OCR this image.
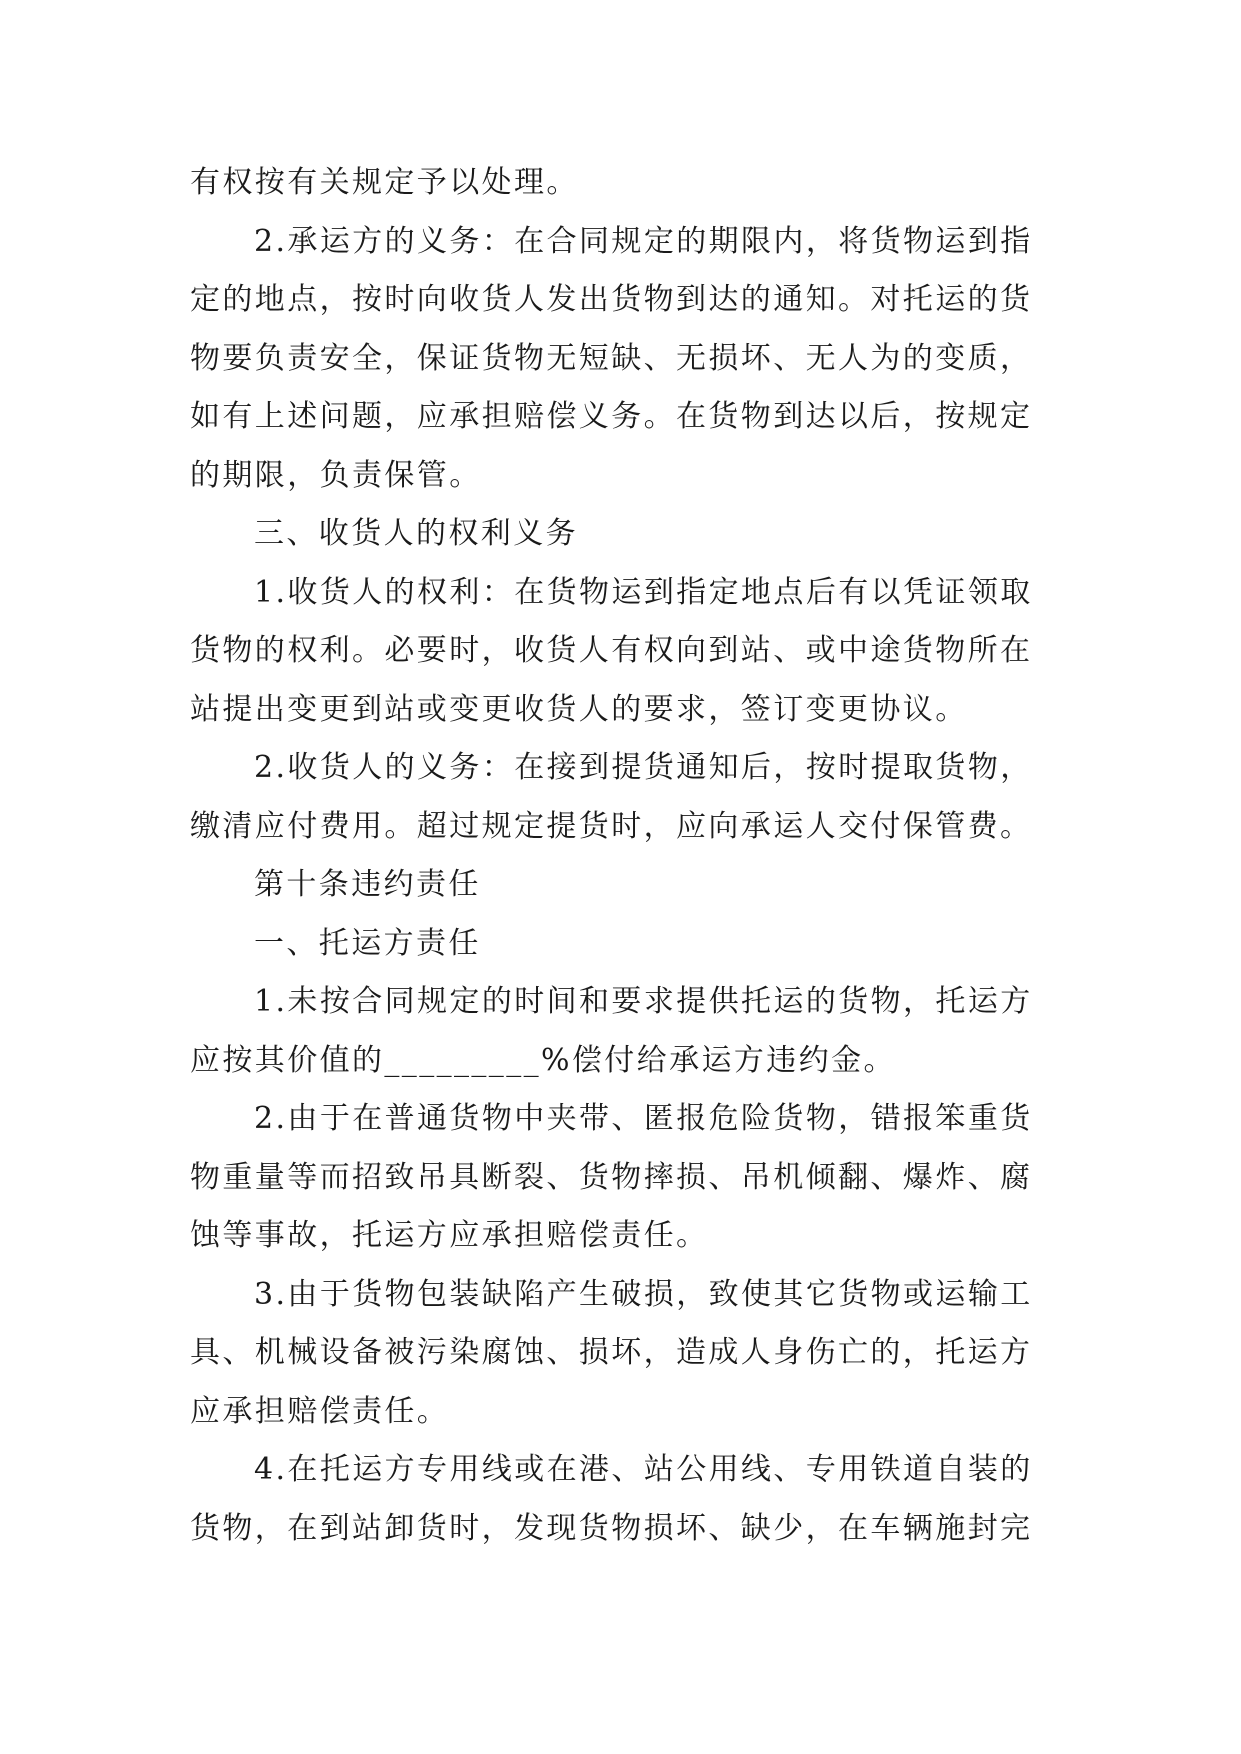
有权按有关规定予以处理。
2.承运方的义务：在合同规定的期限内，将货物运到指
定的地点，按时向收货人发出货物到达的通知。对托运的货
物要负责安全，保证货物无短缺、无损坏、无人为的变质，
如有上述问题，应承担赔偿义务。在货物到达以后，按规定
的期限，负责保管。
三、收货人的权利义务
1.收货人的权利：在货物运到指定地点后有以凭证领取
货物的权利。必要时，收货人有权向到站、或中途货物所在
站提出变更到站或变更收货人的要求，签订变更协议。
2.收货人的义务：在接到提货通知后，按时提取货物，
缴清应付费用。超过规定提货时，应向承运人交付保管费。
第十条违约责任
一、托运方责任
1.未按合同规定的时间和要求提供托运的货物，托运方
应按其价值的_________%偿付给承运方违约金。
2.由于在普通货物中夹带、匿报危险货物，错报笨重货
物重量等而招致吊具断裂、货物摔损、吊机倾翻、爆炸、腐
蚀等事故，托运方应承担赔偿责任。
3.由于货物包装缺陷产生破损，致使其它货物或运输工
具、机械设备被污染腐蚀、损坏，造成人身伤亡的，托运方
应承担赔偿责任。
4.在托运方专用线或在港、站公用线、专用铁道自装的
货物，在到站卸货时，发现货物损坏、缺少，在车辆施封完
